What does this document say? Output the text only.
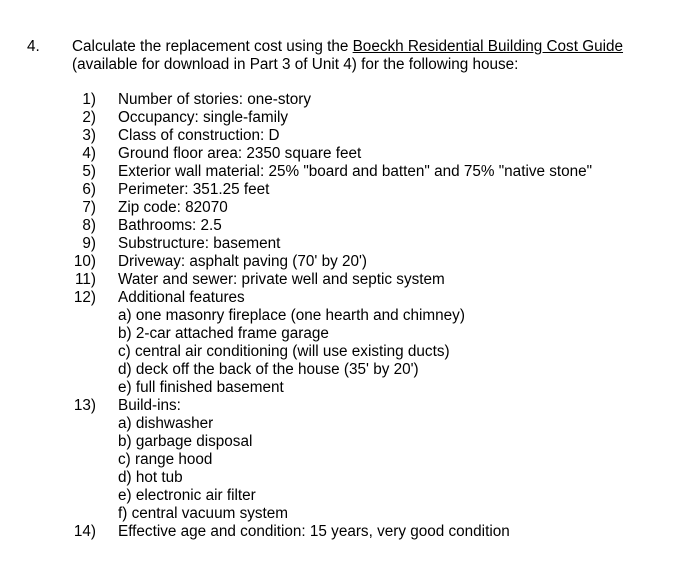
4. Calculate the replacement cost using the Boeckh Residential Building Cost Guide
(available for download in Part 3 of Unit 4) for the following house:
1) Number of stories: one-story
2) Occupancy: single-family
3) Class of construction: D
4) Ground floor area: 2350 square feet
5) Exterior wall material: 25% "board and batten" and 75% "native stone"
6) Perimeter: 351.25 feet
7) Zip code: 82070
8) Bathrooms: 2.5
9) Substructure: basement
10) Driveway: asphalt paving (70' by 20')
11) Water and sewer: private well and septic system
12) Additional features
a) one masonry fireplace (one hearth and chimney)
b) 2-car attached frame garage
c) central air conditioning (will use existing ducts)
d) deck off the back of the house (35' by 20')
e) full finished basement
13) Build-ins:
a) dishwasher
b) garbage disposal
c) range hood
d) hot tub
e) electronic air filter
f) central vacuum system
14) Effective age and condition: 15 years, very good condition
